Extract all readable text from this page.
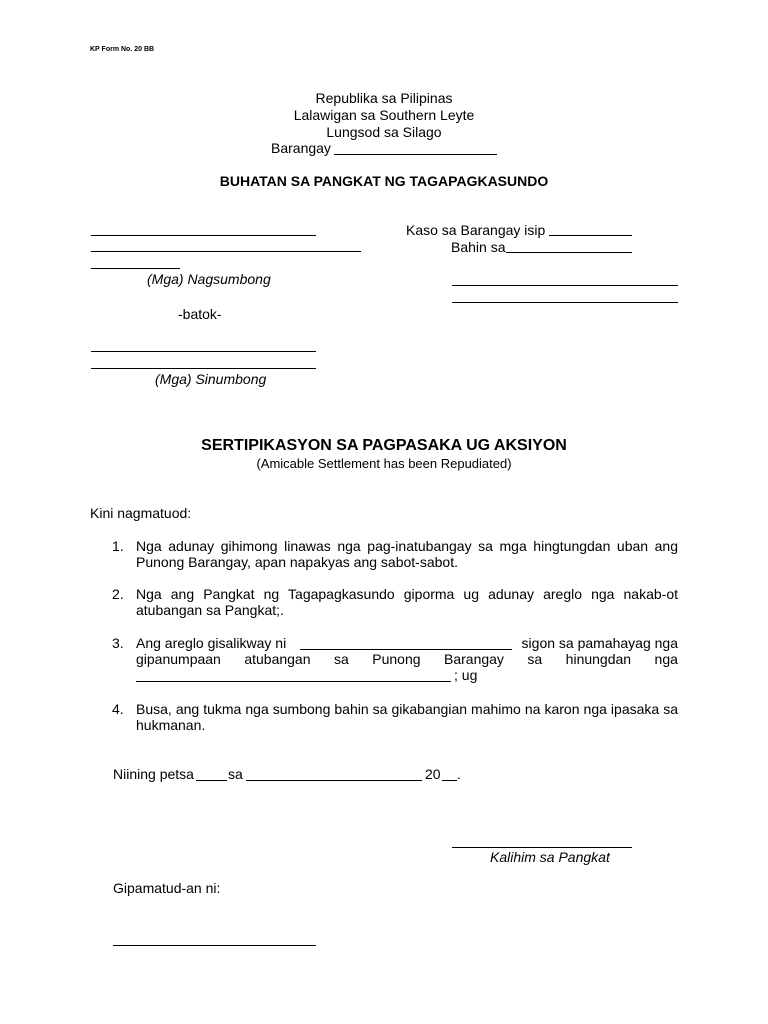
KP Form No. 20 BB
Republika sa Pilipinas
Lalawigan sa Southern Leyte
Lungsod sa Silago
Barangay
BUHATAN SA PANGKAT NG TAGAPAGKASUNDO
(Mga) Nagsumbong
Kaso sa Barangay isip
Bahin sa
-batok-
(Mga) Sinumbong
SERTIPIKASYON SA PAGPASAKA UG AKSIYON
(Amicable Settlement has been Repudiated)
Kini nagmatuod:
1. Nga adunay gihimong linawas nga pag-inatubangay sa mga hingtungdan uban ang Punong Barangay, apan napakyas ang sabot-sabot.
2. Nga ang Pangkat ng Tagapagkasundo giporma ug adunay areglo nga nakab-ot atubangan sa Pangkat;.
3. Ang areglo gisalikway ni	sigon sa pamahayag nga
gipanumpaan atubangan sa Punong Barangay sa hinungdan nga
; ug
4. Busa, ang tukma nga sumbong bahin sa gikabangian mahimo na karon nga ipasaka sa hukmanan.
Niining petsa sa	20 .
Kalihim sa Pangkat
Gipamatud-an ni:
